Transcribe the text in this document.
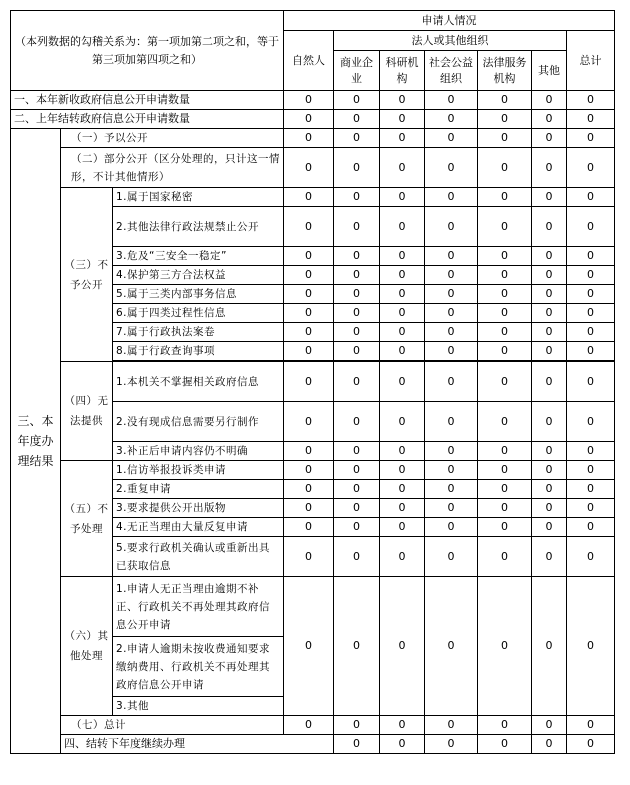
（本列数据的勾稽关系为：第一项加第二项之和，等于第三项加第四项之和）			申请人情况							
			自然人	法人或其他组织					总计	
				商业企业	科研机构	社会公益组织	法律服务机构	其他		
一、本年新收政府信息公开申请数量			0	0	0	0	0	0	0	
二、上年结转政府信息公开申请数量			0	0	0	0	0	0	0	
三、本年度办理结果	（一）予以公开		0	0	0	0	0	0	0	
	（二）部分公开（区分处理的，只计这一情形，不计其他情形）		0	0	0	0	0	0	0	
	（三）不予公开	1.属于国家秘密	0	0	0	0	0	0	0	
		2.其他法律行政法规禁止公开	0	0	0	0	0	0	0	
		3.危及“三安全一稳定”	0	0	0	0	0	0	0	
		4.保护第三方合法权益	0	0	0	0	0	0	0	
		5.属于三类内部事务信息	0	0	0	0	0	0	0	
		6.属于四类过程性信息	0	0	0	0	0	0	0	
		7.属于行政执法案卷	0	0	0	0	0	0	0	
		8.属于行政查询事项	0	0	0	0	0	0	0	

	（四）无法提供	1.本机关不掌握相关政府信息	0	0	0	0	0	0	0	
		2.没有现成信息需要另行制作	0	0	0	0	0	0	0	
		3.补正后申请内容仍不明确	0	0	0	0	0	0	0	
	（五）不予处理	1.信访举报投诉类申请	0	0	0	0	0	0	0	
		2.重复申请	0	0	0	0	0	0	0	
		3.要求提供公开出版物	0	0	0	0	0	0	0	
		4.无正当理由大量反复申请	0	0	0	0	0	0	0	
		5.要求行政机关确认或重新出具已获取信息	0	0	0	0	0	0	0	
	（六）其他处理	1.申请人无正当理由逾期不补正、行政机关不再处理其政府信息公开申请	0	0	0	0	0	0	0	
		2.申请人逾期未按收费通知要求缴纳费用、行政机关不再处理其政府信息公开申请								
		3.其他								
	（七）总计		0	0	0	0	0	0	0	
	四、结转下年度继续办理			0	0	0	0	0	0	
